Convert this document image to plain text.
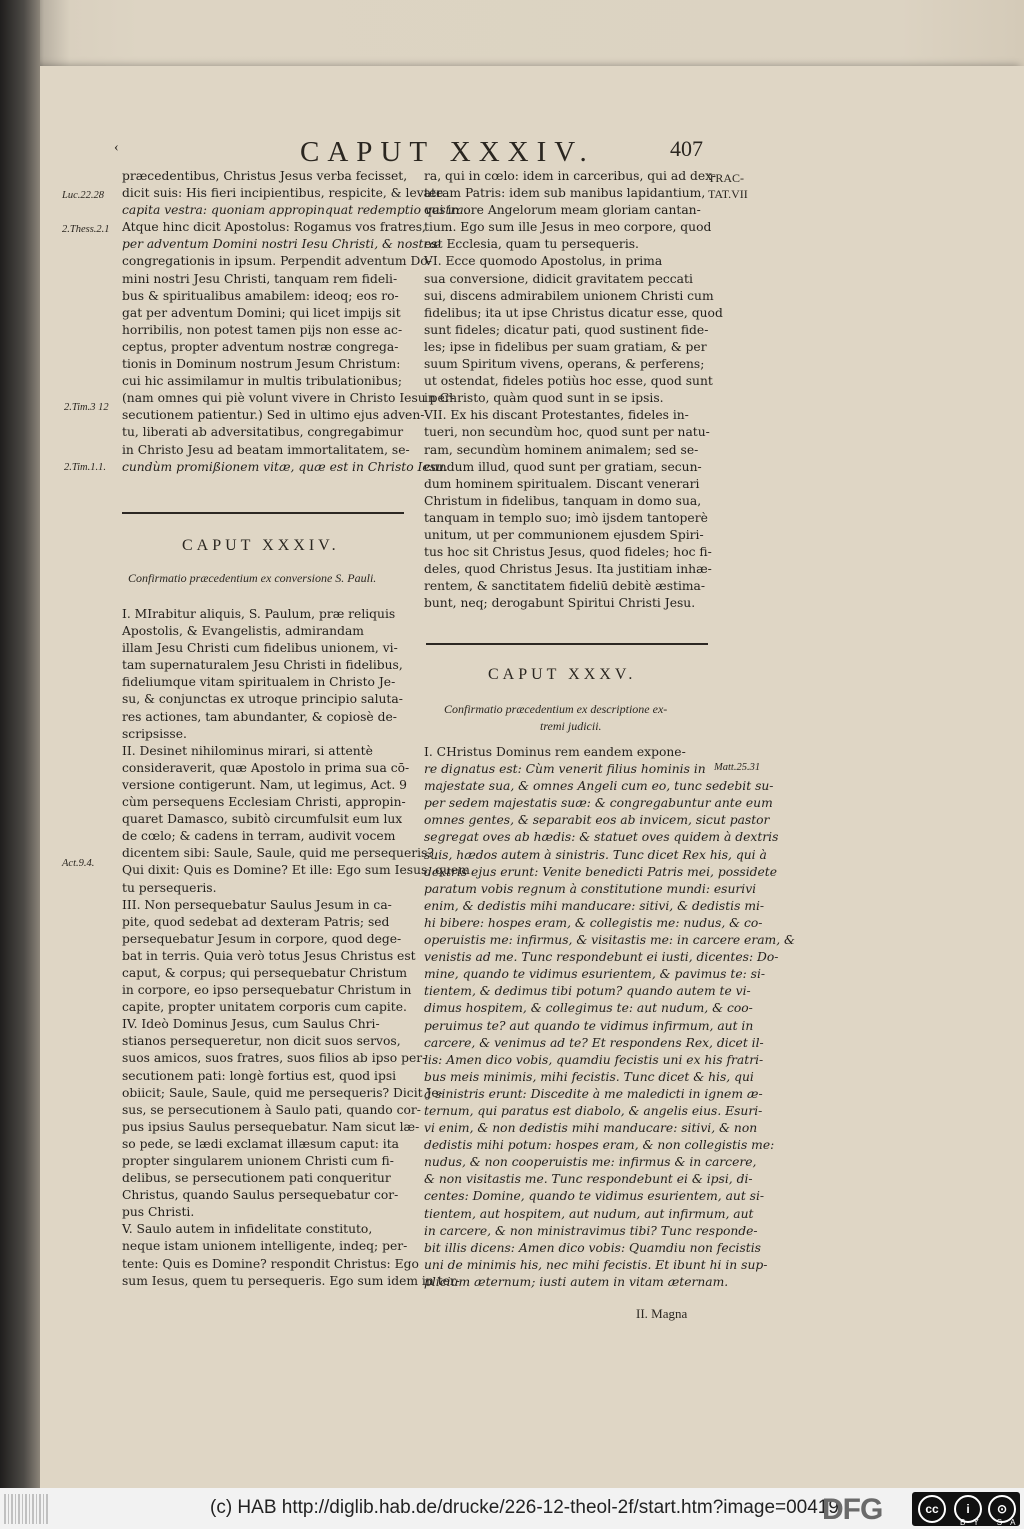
‹	CAPUT XXXIV.	407
TRAC-
TAT.VII
Luc.22.28
2.Thess.2.1
2.Tim.3 12
2.Tim.1.1.
Act.9.4.
Matt.25.31
præcedentibus, Christus Jesus verba fecisset,
dicit suis: His fieri incipientibus, respicite, & levate
capita vestra: quoniam appropinquat redemptio vestra.
Atque hinc dicit Apostolus: Rogamus vos fratres,
per adventum Domini nostri Iesu Christi, & nostræ
congregationis in ipsum. Perpendit adventum Do-
mini nostri Jesu Christi, tanquam rem fideli-
bus & spiritualibus amabilem: ideoq; eos ro-
gat per adventum Domini; qui licet impijs sit
horribilis, non potest tamen pijs non esse ac-
ceptus, propter adventum nostræ congrega-
tionis in Dominum nostrum Jesum Christum:
cui hic assimilamur in multis tribulationibus;
(nam omnes qui piè volunt vivere in Christo Iesu per-
secutionem patientur.) Sed in ultimo ejus adven-
tu, liberati ab adversitatibus, congregabimur
in Christo Jesu ad beatam immortalitatem, se-
cundùm promißionem vitæ, quæ est in Christo Iesu.
CAPUT XXXIV.
Confirmatio præcedentium ex conversione S. Pauli.
I. MIrabitur aliquis, S. Paulum, præ reliquis
Apostolis, & Evangelistis, admirandam
illam Jesu Christi cum fidelibus unionem, vi-
tam supernaturalem Jesu Christi in fidelibus,
fideliumque vitam spiritualem in Christo Je-
su, & conjunctas ex utroque principio saluta-
res actiones, tam abundanter, & copiosè de-
scripsisse.
II. Desinet nihilominus mirari, si attentè
consideraverit, quæ Apostolo in prima sua cō-
versione contigerunt. Nam, ut legimus, Act. 9
cùm persequens Ecclesiam Christi, appropin-
quaret Damasco, subitò circumfulsit eum lux
de cœlo; & cadens in terram, audivit vocem
dicentem sibi: Saule, Saule, quid me persequeris?
Qui dixit: Quis es Domine? Et ille: Ego sum Iesus, quem
tu persequeris.
III. Non persequebatur Saulus Jesum in ca-
pite, quod sedebat ad dexteram Patris; sed
persequebatur Jesum in corpore, quod dege-
bat in terris. Quia verò totus Jesus Christus est
caput, & corpus; qui persequebatur Christum
in corpore, eo ipso persequebatur Christum in
capite, propter unitatem corporis cum capite.
IV. Ideò Dominus Jesus, cum Saulus Chri-
stianos persequeretur, non dicit suos servos,
suos amicos, suos fratres, suos filios ab ipso per-
secutionem pati: longè fortius est, quod ipsi
obiicit; Saule, Saule, quid me persequeris? Dicit Je-
sus, se persecutionem à Saulo pati, quando cor-
pus ipsius Saulus persequebatur. Nam sicut læ-
so pede, se lædi exclamat illæsum caput: ita
propter singularem unionem Christi cum fi-
delibus, se persecutionem pati conqueritur
Christus, quando Saulus persequebatur cor-
pus Christi.
V. Saulo autem in infidelitate constituto,
neque istam unionem intelligente, indeq; per-
tente: Quis es Domine? respondit Christus: Ego
sum Iesus, quem tu persequeris. Ego sum idem in ter-
ra, qui in cœlo: idem in carceribus, qui ad dex-
teram Patris: idem sub manibus lapidantium,
qui in ore Angelorum meam gloriam cantan-
tium. Ego sum ille Jesus in meo corpore, quod
est Ecclesia, quam tu persequeris.
VI. Ecce quomodo Apostolus, in prima
sua conversione, didicit gravitatem peccati
sui, discens admirabilem unionem Christi cum
fidelibus; ita ut ipse Christus dicatur esse, quod
sunt fideles; dicatur pati, quod sustinent fide-
les; ipse in fidelibus per suam gratiam, & per
suum Spiritum vivens, operans, & perferens;
ut ostendat, fideles potiùs hoc esse, quod sunt
in Christo, quàm quod sunt in se ipsis.
VII. Ex his discant Protestantes, fideles in-
tueri, non secundùm hoc, quod sunt per natu-
ram, secundùm hominem animalem; sed se-
cundum illud, quod sunt per gratiam, secun-
dum hominem spiritualem. Discant venerari
Christum in fidelibus, tanquam in domo sua,
tanquam in templo suo; imò ijsdem tantoperè
unitum, ut per communionem ejusdem Spiri-
tus hoc sit Christus Jesus, quod fideles; hoc fi-
deles, quod Christus Jesus. Ita justitiam inhæ-
rentem, & sanctitatem fideliū debitè æstima-
bunt, neq; derogabunt Spiritui Christi Jesu.
CAPUT XXXV.
Confirmatio præcedentium ex descriptione ex-
tremi judicii.
I. CHristus Dominus rem eandem expone-
re dignatus est: Cùm venerit filius hominis in
majestate sua, & omnes Angeli cum eo, tunc sedebit su-
per sedem majestatis suæ: & congregabuntur ante eum
omnes gentes, & separabit eos ab invicem, sicut pastor
segregat oves ab hædis: & statuet oves quidem à dextris
suis, hædos autem à sinistris. Tunc dicet Rex his, qui à
dextris ejus erunt: Venite benedicti Patris mei, possidete
paratum vobis regnum à constitutione mundi: esurivi
enim, & dedistis mihi manducare: sitivi, & dedistis mi-
hi bibere: hospes eram, & collegistis me: nudus, & co-
operuistis me: infirmus, & visitastis me: in carcere eram, &
venistis ad me. Tunc respondebunt ei iusti, dicentes: Do-
mine, quando te vidimus esurientem, & pavimus te: si-
tientem, & dedimus tibi potum? quando autem te vi-
dimus hospitem, & collegimus te: aut nudum, & coo-
peruimus te? aut quando te vidimus infirmum, aut in
carcere, & venimus ad te? Et respondens Rex, dicet il-
lis: Amen dico vobis, quamdiu fecistis uni ex his fratri-
bus meis minimis, mihi fecistis. Tunc dicet & his, qui
à sinistris erunt: Discedite à me maledicti in ignem æ-
ternum, qui paratus est diabolo, & angelis eius. Esuri-
vi enim, & non dedistis mihi manducare: sitivi, & non
dedistis mihi potum: hospes eram, & non collegistis me:
nudus, & non cooperuistis me: infirmus & in carcere,
& non visitastis me. Tunc respondebunt ei & ipsi, di-
centes: Domine, quando te vidimus esurientem, aut si-
tientem, aut hospitem, aut nudum, aut infirmum, aut
in carcere, & non ministravimus tibi? Tunc responde-
bit illis dicens: Amen dico vobis: Quamdiu non fecistis
uni de minimis his, nec mihi fecistis. Et ibunt hi in sup-
plicium æternum; iusti autem in vitam æternam.
II. Magna
(c) HAB http://diglib.hab.de/drucke/226-12-theol-2f/start.htm?image=00419
DFG	cc	i	⊙
BY SA
